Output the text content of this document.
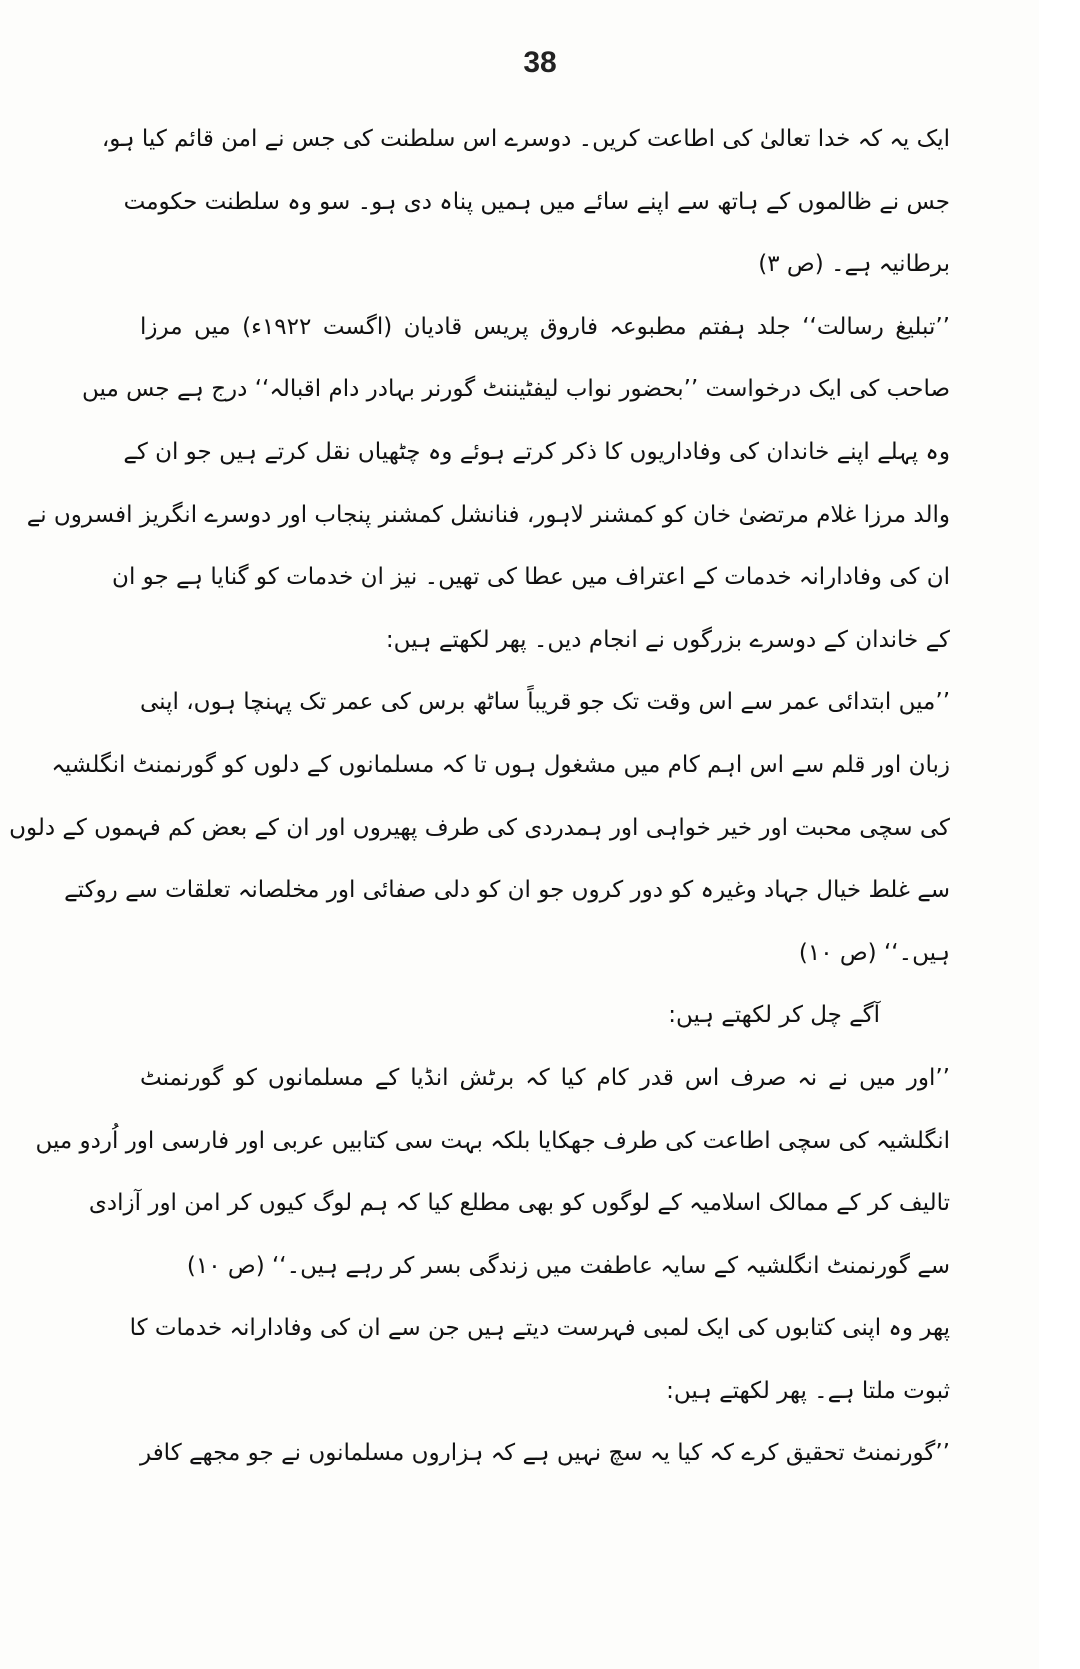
38
ایک یہ کہ خدا تعالیٰ کی اطاعت کریں۔ دوسرے اس سلطنت کی جس نے امن قائم کیا ہو،
جس نے ظالموں کے ہاتھ سے اپنے سائے میں ہمیں پناہ دی ہو۔ سو وہ سلطنت حکومت
برطانیہ ہے۔ (ص ۳)
’’تبلیغ رسالت‘‘ جلد ہفتم مطبوعہ فاروق پریس قادیان (اگست ۱۹۲۲ء) میں مرزا
صاحب کی ایک درخواست ’’بحضور نواب لیفٹیننٹ گورنر بہادر دام اقبالہ‘‘ درج ہے جس میں
وہ پہلے اپنے خاندان کی وفاداریوں کا ذکر کرتے ہوئے وہ چٹھیاں نقل کرتے ہیں جو ان کے
والد مرزا غلام مرتضیٰ خان کو کمشنر لاہور، فنانشل کمشنر پنجاب اور دوسرے انگریز افسروں نے
ان کی وفادارانہ خدمات کے اعتراف میں عطا کی تھیں۔ نیز ان خدمات کو گنایا ہے جو ان
کے خاندان کے دوسرے بزرگوں نے انجام دیں۔ پھر لکھتے ہیں:
’’میں ابتدائی عمر سے اس وقت تک جو قریباً ساٹھ برس کی عمر تک پہنچا ہوں، اپنی
زبان اور قلم سے اس اہم کام میں مشغول ہوں تا کہ مسلمانوں کے دلوں کو گورنمنٹ انگلشیہ
کی سچی محبت اور خیر خواہی اور ہمدردی کی طرف پھیروں اور ان کے بعض کم فہموں کے دلوں
سے غلط خیال جہاد وغیرہ کو دور کروں جو ان کو دلی صفائی اور مخلصانہ تعلقات سے روکتے
ہیں۔‘‘ (ص ۱۰)
آگے چل کر لکھتے ہیں:
’’اور میں نے نہ صرف اس قدر کام کیا کہ برٹش انڈیا کے مسلمانوں کو گورنمنٹ
انگلشیہ کی سچی اطاعت کی طرف جھکایا بلکہ بہت سی کتابیں عربی اور فارسی اور اُردو میں
تالیف کر کے ممالک اسلامیہ کے لوگوں کو بھی مطلع کیا کہ ہم لوگ کیوں کر امن اور آزادی
سے گورنمنٹ انگلشیہ کے سایہ عاطفت میں زندگی بسر کر رہے ہیں۔‘‘ (ص ۱۰)
پھر وہ اپنی کتابوں کی ایک لمبی فہرست دیتے ہیں جن سے ان کی وفادارانہ خدمات کا
ثبوت ملتا ہے۔ پھر لکھتے ہیں:
’’گورنمنٹ تحقیق کرے کہ کیا یہ سچ نہیں ہے کہ ہزاروں مسلمانوں نے جو مجھے کافر
